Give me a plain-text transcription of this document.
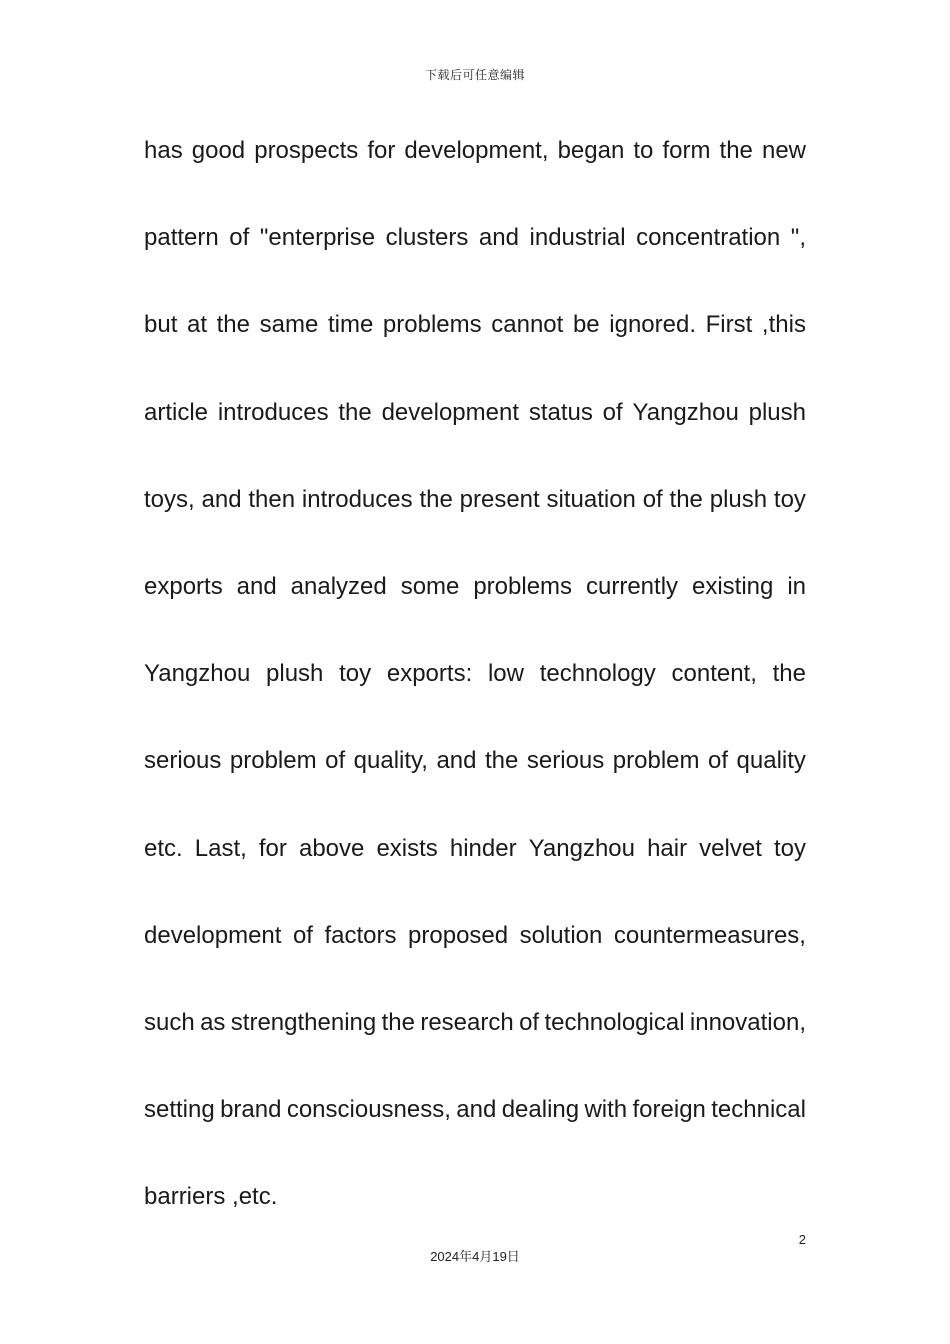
下载后可任意编辑
has good prospects for development, began to form the new
pattern of "enterprise clusters and industrial concentration ",
but at the same time problems cannot be ignored. First ,this
article introduces the development status of Yangzhou plush
toys, and then introduces the present situation of the plush toy
exports and analyzed some problems currently existing in
Yangzhou plush toy exports: low technology content, the
serious problem of quality, and the serious problem of quality
etc. Last, for above exists hinder Yangzhou hair velvet toy
development of factors proposed solution countermeasures,
such as strengthening the research of technological innovation,
setting brand consciousness, and dealing with foreign technical
barriers ,etc.
2
2024年4月19日
